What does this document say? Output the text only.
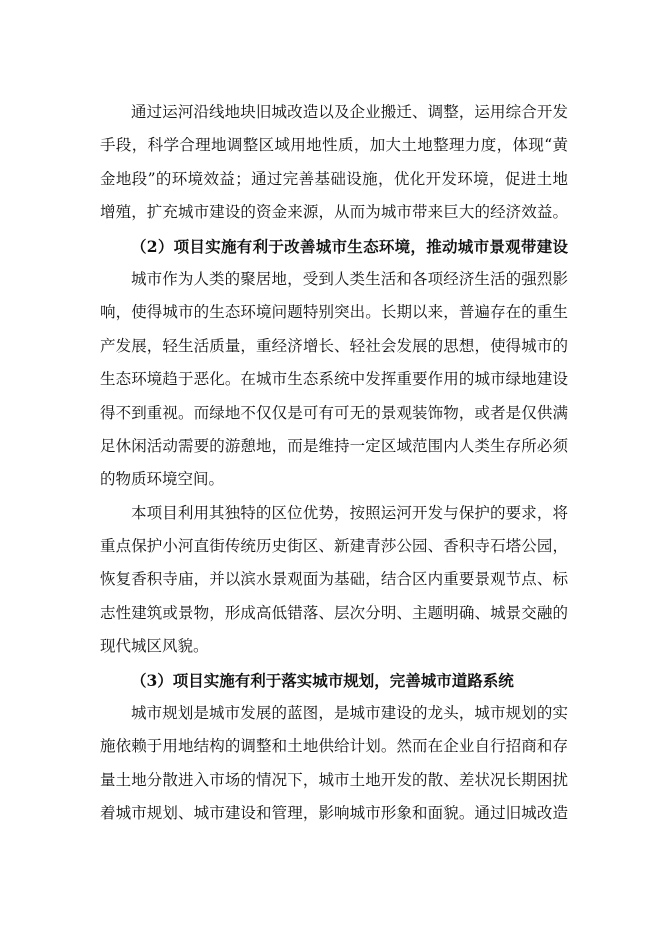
通过运河沿线地块旧城改造以及企业搬迁、调整，运用综合开发
手段，科学合理地调整区域用地性质，加大土地整理力度，体现“黄
金地段”的环境效益；通过完善基础设施，优化开发环境，促进土地
增殖，扩充城市建设的资金来源，从而为城市带来巨大的经济效益。
（2）项目实施有利于改善城市生态环境，推动城市景观带建设
城市作为人类的聚居地，受到人类生活和各项经济生活的强烈影
响，使得城市的生态环境问题特别突出。长期以来，普遍存在的重生
产发展，轻生活质量，重经济增长、轻社会发展的思想，使得城市的
生态环境趋于恶化。在城市生态系统中发挥重要作用的城市绿地建设
得不到重视。而绿地不仅仅是可有可无的景观装饰物，或者是仅供满
足休闲活动需要的游憩地，而是维持一定区域范围内人类生存所必须
的物质环境空间。
本项目利用其独特的区位优势，按照运河开发与保护的要求，将
重点保护小河直街传统历史街区、新建青莎公园、香积寺石塔公园，
恢复香积寺庙，并以滨水景观面为基础，结合区内重要景观节点、标
志性建筑或景物，形成高低错落、层次分明、主题明确、城景交融的
现代城区风貌。
（3）项目实施有利于落实城市规划，完善城市道路系统
城市规划是城市发展的蓝图，是城市建设的龙头，城市规划的实
施依赖于用地结构的调整和土地供给计划。然而在企业自行招商和存
量土地分散进入市场的情况下，城市土地开发的散、差状况长期困扰
着城市规划、城市建设和管理，影响城市形象和面貌。通过旧城改造
